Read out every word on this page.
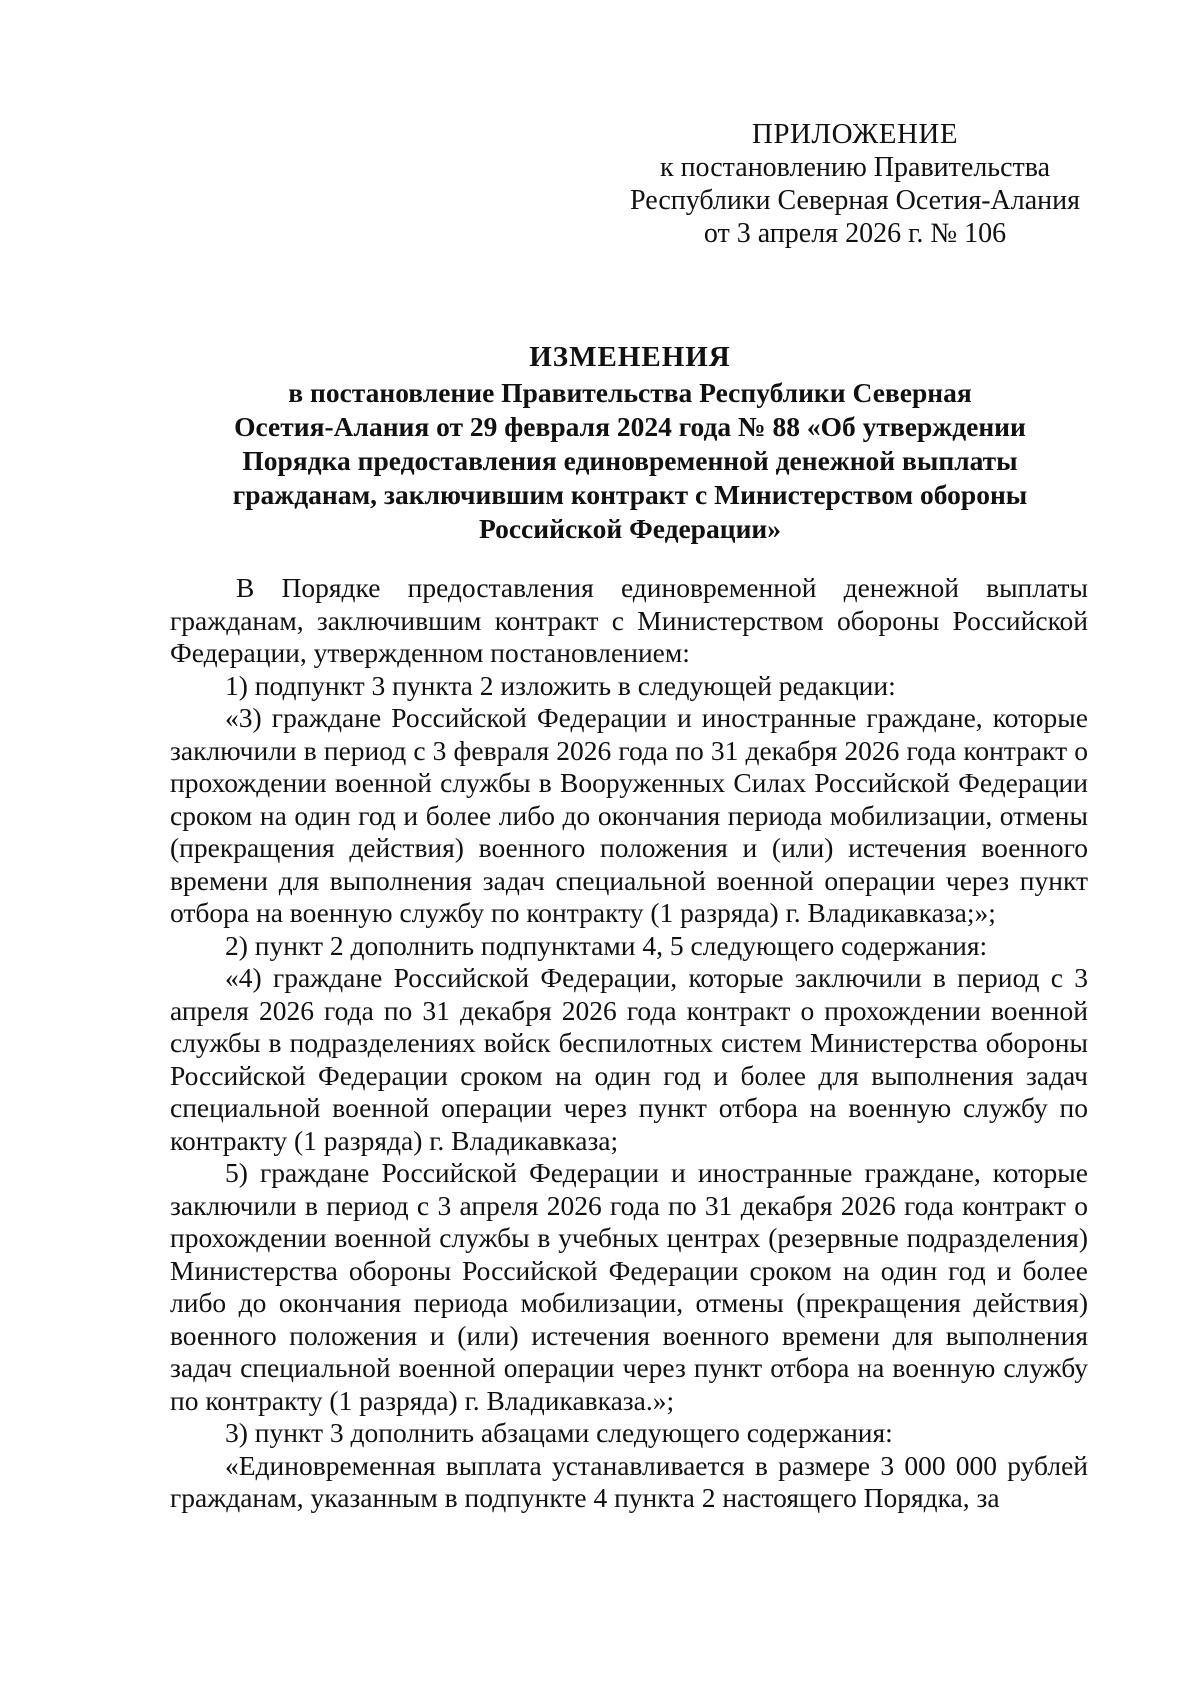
ПРИЛОЖЕНИЕ
к постановлению Правительства
Республики Северная Осетия-Алания
от 3 апреля 2026 г. № 106
ИЗМЕНЕНИЯ
в постановление Правительства Республики Северная
Осетия-Алания от 29 февраля 2024 года № 88 «Об утверждении
Порядка предоставления единовременной денежной выплаты
гражданам, заключившим контракт с Министерством обороны
Российской Федерации»

В Порядке предоставления единовременной денежной выплаты гражданам, заключившим контракт с Министерством обороны Российской Федерации, утвержденном постановлением:

1) подпункт 3 пункта 2 изложить в следующей редакции:

«3) граждане Российской Федерации и иностранные граждане, которые заключили в период с 3 февраля 2026 года по 31 декабря 2026 года контракт о прохождении военной службы в Вооруженных Силах Российской Федерации сроком на один год и более либо до окончания периода мобилизации, отмены (прекращения действия) военного положения и (или) истечения военного времени для выполнения задач специальной военной операции через пункт отбора на военную службу по контракту (1 разряда) г. Владикавказа;»;

2) пункт 2 дополнить подпунктами 4, 5 следующего содержания:

«4) граждане Российской Федерации, которые заключили в период с 3 апреля 2026 года по 31 декабря 2026 года контракт о прохождении военной службы в подразделениях войск беспилотных систем Министерства обороны Российской Федерации сроком на один год и более для выполнения задач специальной военной операции через пункт отбора на военную службу по контракту (1 разряда) г. Владикавказа;

5) граждане Российской Федерации и иностранные граждане, которые заключили в период с 3 апреля 2026 года по 31 декабря 2026 года контракт о прохождении военной службы в учебных центрах (резервные подразделения) Министерства обороны Российской Федерации сроком на один год и более либо до окончания периода мобилизации, отмены (прекращения действия) военного положения и (или) истечения военного времени для выполнения задач специальной военной операции через пункт отбора на военную службу по контракту (1 разряда) г. Владикавказа.»;

3) пункт 3 дополнить абзацами следующего содержания:

«Единовременная выплата устанавливается в размере 3 000 000 рублей гражданам, указанным в подпункте 4 пункта 2 настоящего Порядка, за
